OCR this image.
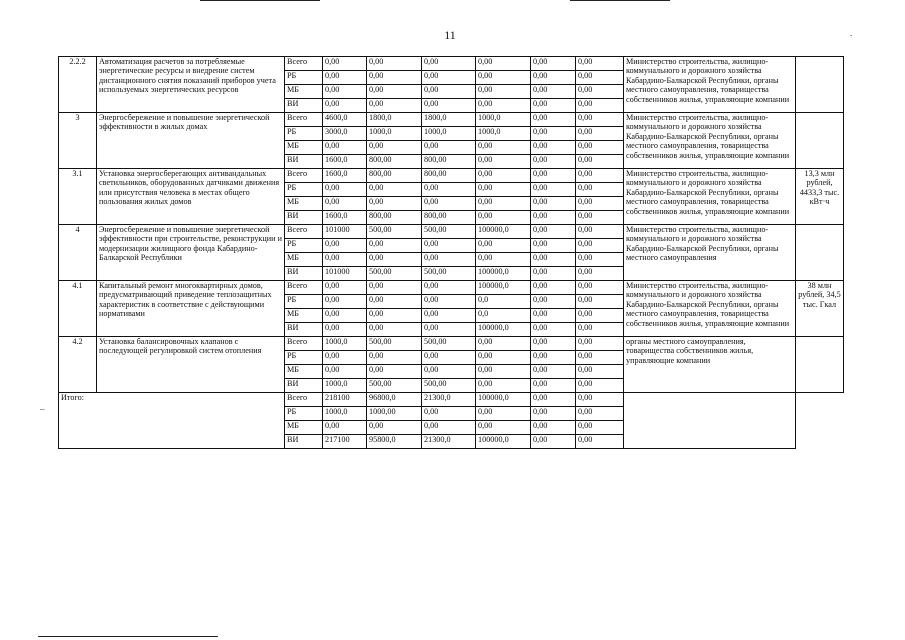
11
2.2.2	Автоматизация расчетов за потребляемые энергетические ресурсы и внедрение систем дистанционного снятия показаний приборов учета используемых энергетических ресурсов	Всего	0,00	0,00	0,00	0,00	0,00	0,00	Министерство строительства, жилищно-коммунального и дорожного хозяйства Кабардино-Балкарской Республики, органы местного самоуправления, товарищества собственников жилья, управляющие компании	
		РБ	0,00	0,00	0,00	0,00	0,00	0,00		
		МБ	0,00	0,00	0,00	0,00	0,00	0,00		
		ВИ	0,00	0,00	0,00	0,00	0,00	0,00		
3	Энергосбережение и повышение энергетической эффективности в жилых домах	Всего	4600,0	1800,0	1800,0	1000,0	0,00	0,00	Министерство строительства, жилищно-коммунального и дорожного хозяйства Кабардино-Балкарской Республики, органы местного самоуправления, товарищества собственников жилья, управляющие компании	
		РБ	3000,0	1000,0	1000,0	1000,0	0,00	0,00		
		МБ	0,00	0,00	0,00	0,00	0,00	0,00		
		ВИ	1600,0	800,00	800,00	0,00	0,00	0,00		
3.1	Установка энергосберегающих антивандальных светильников, оборудованных датчиками движения или присутствия человека в местах общего пользования жилых домов	Всего	1600,0	800,00	800,00	0,00	0,00	0,00	Министерство строительства, жилищно-коммунального и дорожного хозяйства Кабардино-Балкарской Республики, органы местного самоуправления, товарищества собственников жилья, управляющие компании	13,3 млн рублей, 4433,3 тыс. кВт·ч
		РБ	0,00	0,00	0,00	0,00	0,00	0,00		
		МБ	0,00	0,00	0,00	0,00	0,00	0,00		
		ВИ	1600,0	800,00	800,00	0,00	0,00	0,00		
4	Энергосбережение и повышение энергетической эффективности при строительстве, реконструкции и модернизации жилищного фонда Кабардино-Балкарской Республики	Всего	101000	500,00	500,00	100000,0	0,00	0,00	Министерство строительства, жилищно-коммунального и дорожного хозяйства Кабардино-Балкарской Республики, органы местного самоуправления	
		РБ	0,00	0,00	0,00	0,00	0,00	0,00		
		МБ	0,00	0,00	0,00	0,00	0,00	0,00		
		ВИ	101000	500,00	500,00	100000,0	0,00	0,00		
4.1	Капитальный ремонт многоквартирных домов, предусматривающий приведение теплозащитных характеристик в соответствие с действующими нормативами	Всего	0,00	0,00	0,00	100000,0	0,00	0,00	Министерство строительства, жилищно-коммунального и дорожного хозяйства Кабардино-Балкарской Республики, органы местного самоуправления, товарищества собственников жилья, управляющие компании	38 млн рублей, 34,5 тыс. Гкал
		РБ	0,00	0,00	0,00	0,0	0,00	0,00		
		МБ	0,00	0,00	0,00	0,0	0,00	0,00		
		ВИ	0,00	0,00	0,00	100000,0	0,00	0,00		
4.2	Установка балансировочных клапанов с последующей регулировкой систем отопления	Всего	1000,0	500,00	500,00	0,00	0,00	0,00	органы местного самоуправления, товарищества собственников жилья, управляющие компании	
		РБ	0,00	0,00	0,00	0,00	0,00	0,00		
		МБ	0,00	0,00	0,00	0,00	0,00	0,00		
		ВИ	1000,0	500,00	500,00	0,00	0,00	0,00		
Итого:		Всего	218100	96800,0	21300,0	100000,0	0,00	0,00		
		РБ	1000,0	1000,00	0,00	0,00	0,00	0,00		
		МБ	0,00	0,00	0,00	0,00	0,00	0,00		
		ВИ	217100	95800,0	21300,0	100000,0	0,00	0,00		
–
.
